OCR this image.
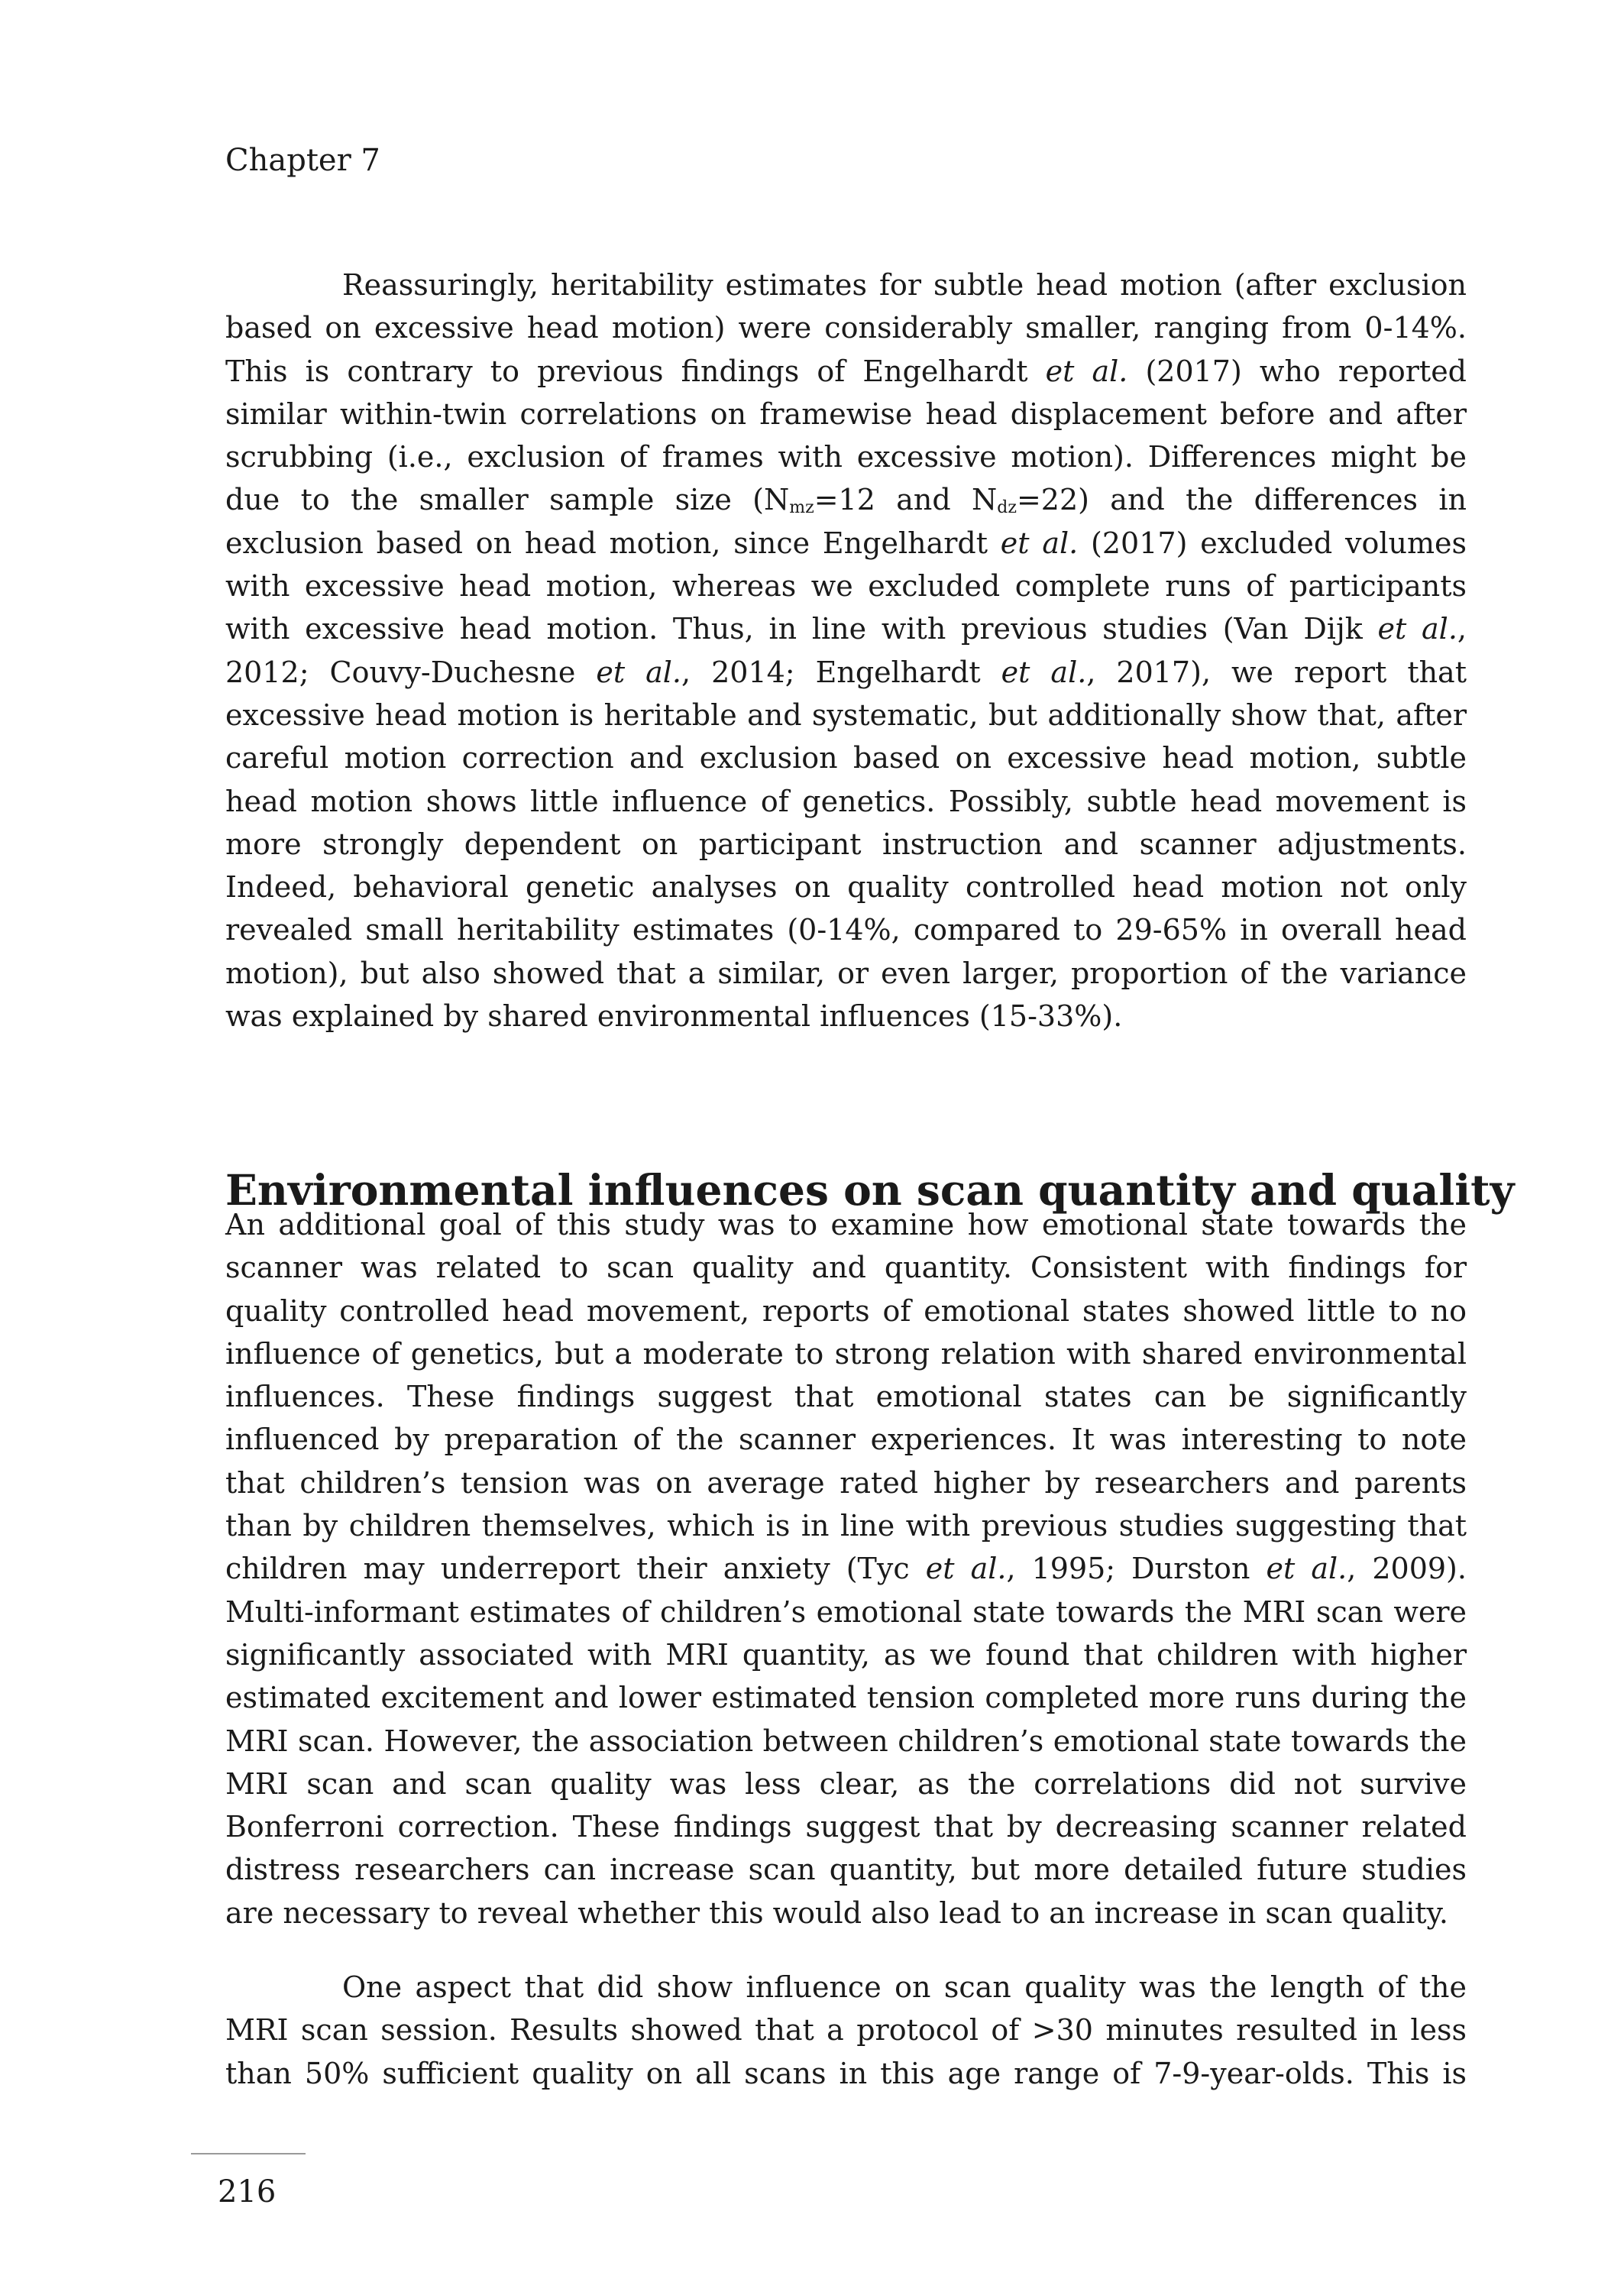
Chapter 7

Reassuringly, heritability estimates for subtle head motion (after exclusion based on excessive head motion) were considerably smaller, ranging from 0-14%. This is contrary to previous findings of Engelhardt et al. (2017) who reported similar within-twin correlations on framewise head displacement before and after scrubbing (i.e., exclusion of frames with excessive motion). Differences might be due to the smaller sample size ($N_{mz}=12$ and $N_{dz}=22$) and the differences in exclusion based on head motion, since Engelhardt et al. (2017) excluded volumes with excessive head motion, whereas we excluded complete runs of participants with excessive head motion. Thus, in line with previous studies (Van Dijk et al., 2012; Couvy-Duchesne et al., 2014; Engelhardt et al., 2017), we report that excessive head motion is heritable and systematic, but additionally show that, after careful motion correction and exclusion based on excessive head motion, subtle head motion shows little influence of genetics. Possibly, subtle head movement is more strongly dependent on participant instruction and scanner adjustments. Indeed, behavioral genetic analyses on quality controlled head motion not only revealed small heritability estimates (0-14%, compared to 29-65% in overall head motion), but also showed that a similar, or even larger, proportion of the variance was explained by shared environmental influences (15-33%).

Environmental influences on scan quantity and quality

An additional goal of this study was to examine how emotional state towards the scanner was related to scan quality and quantity. Consistent with findings for quality controlled head movement, reports of emotional states showed little to no influence of genetics, but a moderate to strong relation with shared environmental influences. These findings suggest that emotional states can be significantly influenced by preparation of the scanner experiences. It was interesting to note that children’s tension was on average rated higher by researchers and parents than by children themselves, which is in line with previous studies suggesting that children may underreport their anxiety (Tyc et al., 1995; Durston et al., 2009). Multi-informant estimates of children’s emotional state towards the MRI scan were significantly associated with MRI quantity, as we found that children with higher estimated excitement and lower estimated tension completed more runs during the MRI scan. However, the association between children’s emotional state towards the MRI scan and scan quality was less clear, as the correlations did not survive Bonferroni correction. These findings suggest that by decreasing scanner related distress researchers can increase scan quantity, but more detailed future studies are necessary to reveal whether this would also lead to an increase in scan quality.

One aspect that did show influence on scan quality was the length of the MRI scan session. Results showed that a protocol of >30 minutes resulted in less than 50% sufficient quality on all scans in this age range of 7-9-year-olds. This is

216
